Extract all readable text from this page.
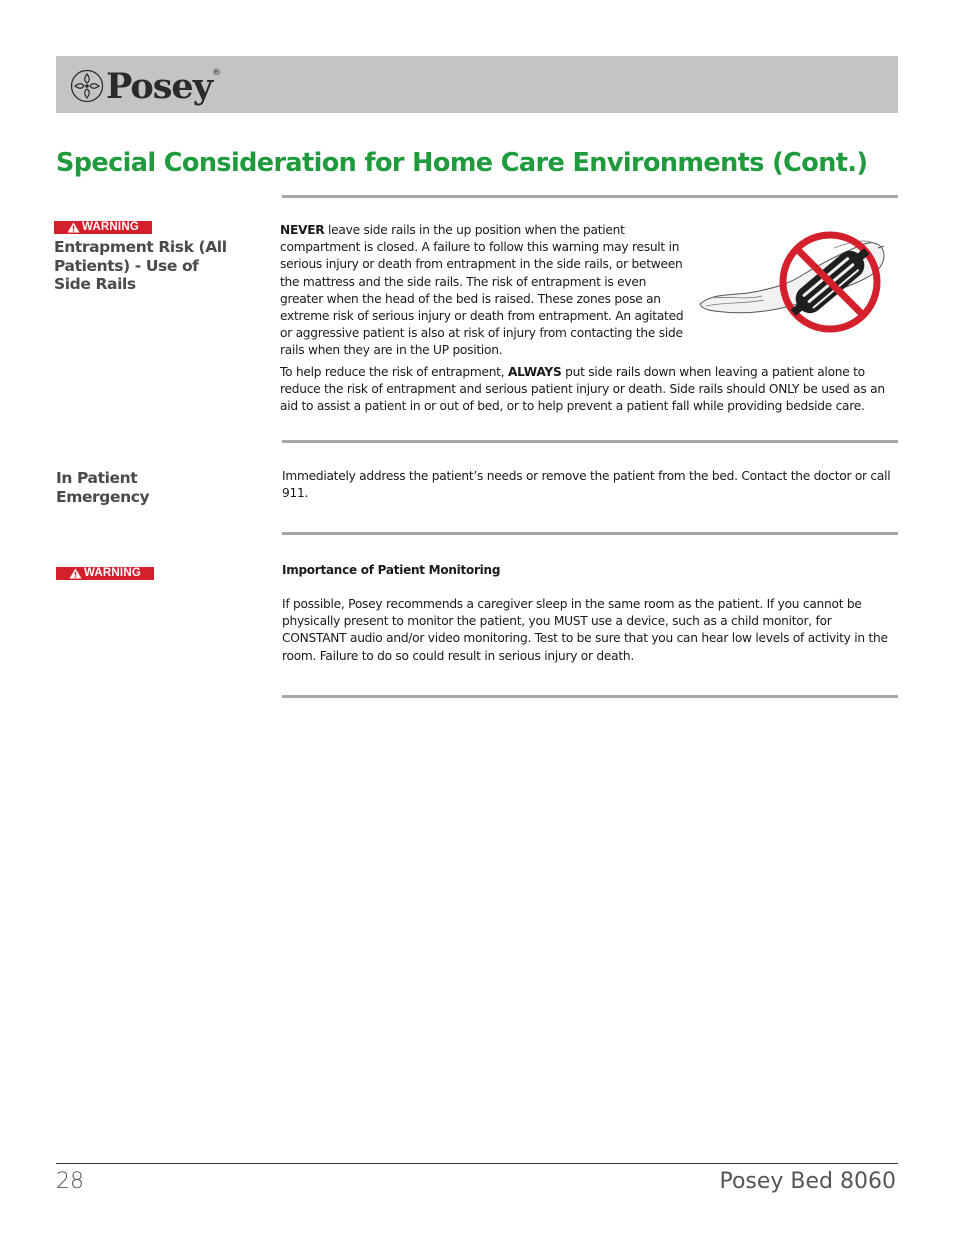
Posey ®
Special Consideration for Home Care Environments (Cont.)
WARNING

Entrapment Risk (All Patients) - Use of Side Rails

NEVER leave side rails in the up position when the patient compartment is closed. A failure to follow this warning may result in serious injury or death from entrapment in the side rails, or between the mattress and the side rails. The risk of entrapment is even greater when the head of the bed is raised. These zones pose an extreme risk of serious injury or death from entrapment. An agitated or aggressive patient is also at risk of injury from contacting the side rails when they are in the UP position.

To help reduce the risk of entrapment, ALWAYS put side rails down when leaving a patient alone to reduce the risk of entrapment and serious patient injury or death. Side rails should ONLY be used as an aid to assist a patient in or out of bed, or to help prevent a patient fall while providing bedside care.

In Patient Emergency

Immediately address the patient’s needs or remove the patient from the bed. Contact the doctor or call 911.

WARNING	Importance of Patient Monitoring

If possible, Posey recommends a caregiver sleep in the same room as the patient. If you cannot be physically present to monitor the patient, you MUST use a device, such as a child monitor, for CONSTANT audio and/or video monitoring. Test to be sure that you can hear low levels of activity in the room. Failure to do so could result in serious injury or death.

28	Posey Bed 8060
